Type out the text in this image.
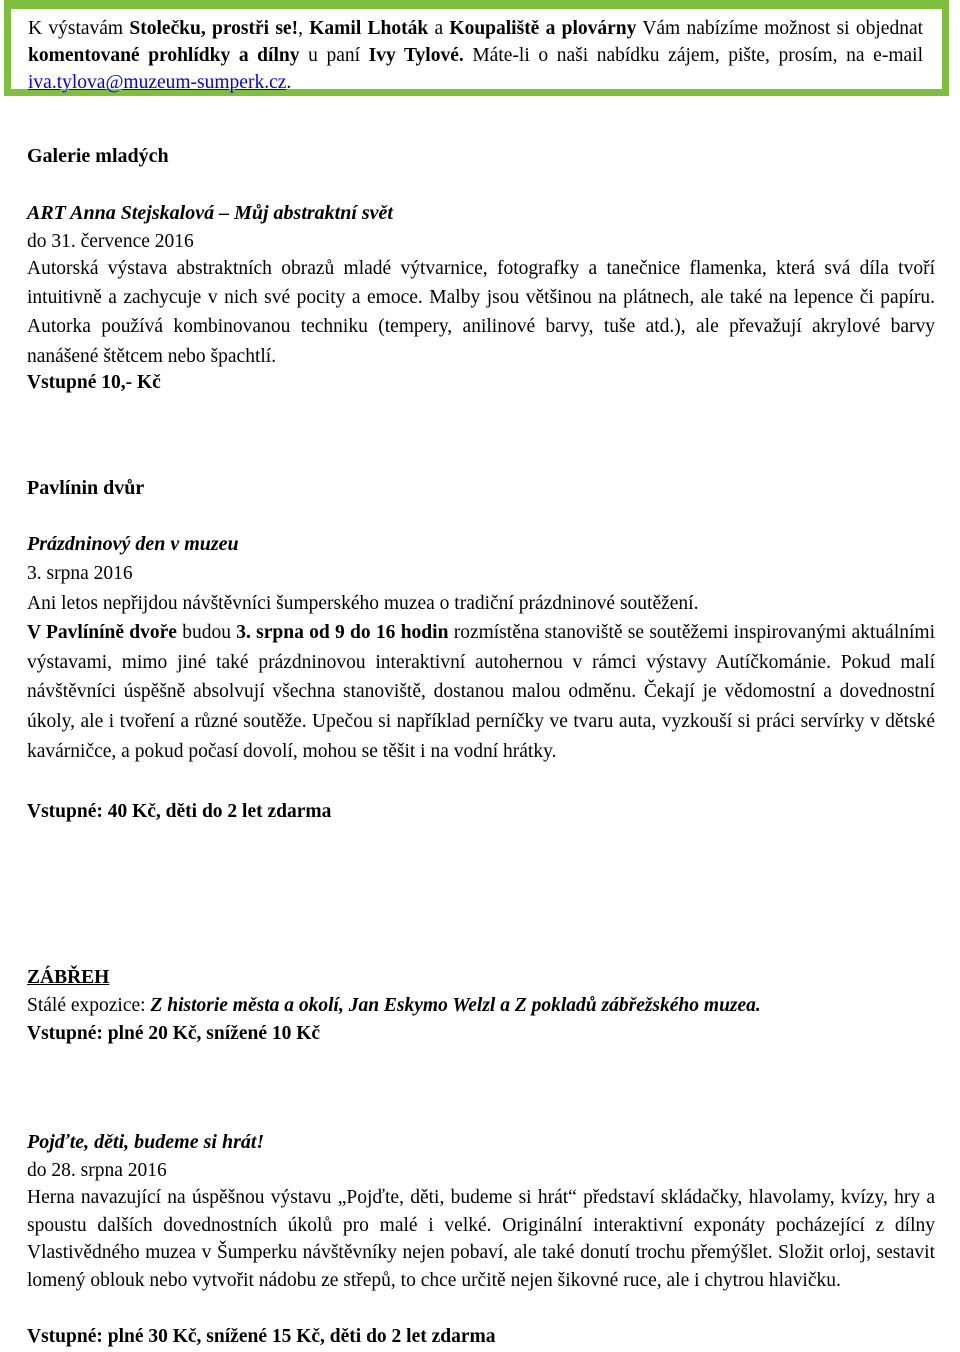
K výstavám Stolečku, prostři se!, Kamil Lhoták a Koupaliště a plovárny Vám nabízíme možnost si objednat komentované prohlídky a dílny u paní Ivy Tylové. Máte-li o naši nabídku zájem, pište, prosím, na e-mail iva.tylova@muzeum-sumperk.cz.
Galerie mladých
ART Anna Stejskalová – Můj abstraktní svět
do 31. července 2016
Autorská výstava abstraktních obrazů mladé výtvarnice, fotografky a tanečnice flamenka, která svá díla tvoří intuitivně a zachycuje v nich své pocity a emoce. Malby jsou většinou na plátnech, ale také na lepence či papíru. Autorka používá kombinovanou techniku (tempery, anilinové barvy, tuše atd.), ale převažují akrylové barvy nanášené štětcem nebo špachtlí.
Vstupné 10,- Kč
Pavlínin dvůr
Prázdninový den v muzeu
3. srpna 2016
Ani letos nepřijdou návštěvníci šumperského muzea o tradiční prázdninové soutěžení.
V Pavlíníně dvoře budou 3. srpna od 9 do 16 hodin rozmístěna stanoviště se soutěžemi inspirovanými aktuálními výstavami, mimo jiné také prázdninovou interaktivní autohernou v rámci výstavy Autíčkománie. Pokud malí návštěvníci úspěšně absolvují všechna stanoviště, dostanou malou odměnu. Čekají je vědomostní a dovednostní úkoly, ale i tvoření a různé soutěže. Upečou si například perníčky ve tvaru auta, vyzkouší si práci servírky v dětské kavárničce, a pokud počasí dovolí, mohou se těšit i na vodní hrátky.
Vstupné: 40 Kč, děti do 2 let zdarma
ZÁBŘEH
Stálé expozice: Z historie města a okolí, Jan Eskymo Welzl a Z pokladů zábřežského muzea.
Vstupné: plné 20 Kč, snížené 10 Kč
Pojďte, děti, budeme si hrát!
do 28. srpna 2016
Herna navazující na úspěšnou výstavu „Pojďte, děti, budeme si hrát“ představí skládačky, hlavolamy, kvízy, hry a spoustu dalších dovednostních úkolů pro malé i velké. Originální interaktivní exponáty pocházející z dílny Vlastivědného muzea v Šumperku návštěvníky nejen pobaví, ale také donutí trochu přemýšlet. Složit orloj, sestavit lomený oblouk nebo vytvořit nádobu ze střepů, to chce určitě nejen šikovné ruce, ale i chytrou hlavičku.
Vstupné: plné 30 Kč, snížené 15 Kč, děti do 2 let zdarma
